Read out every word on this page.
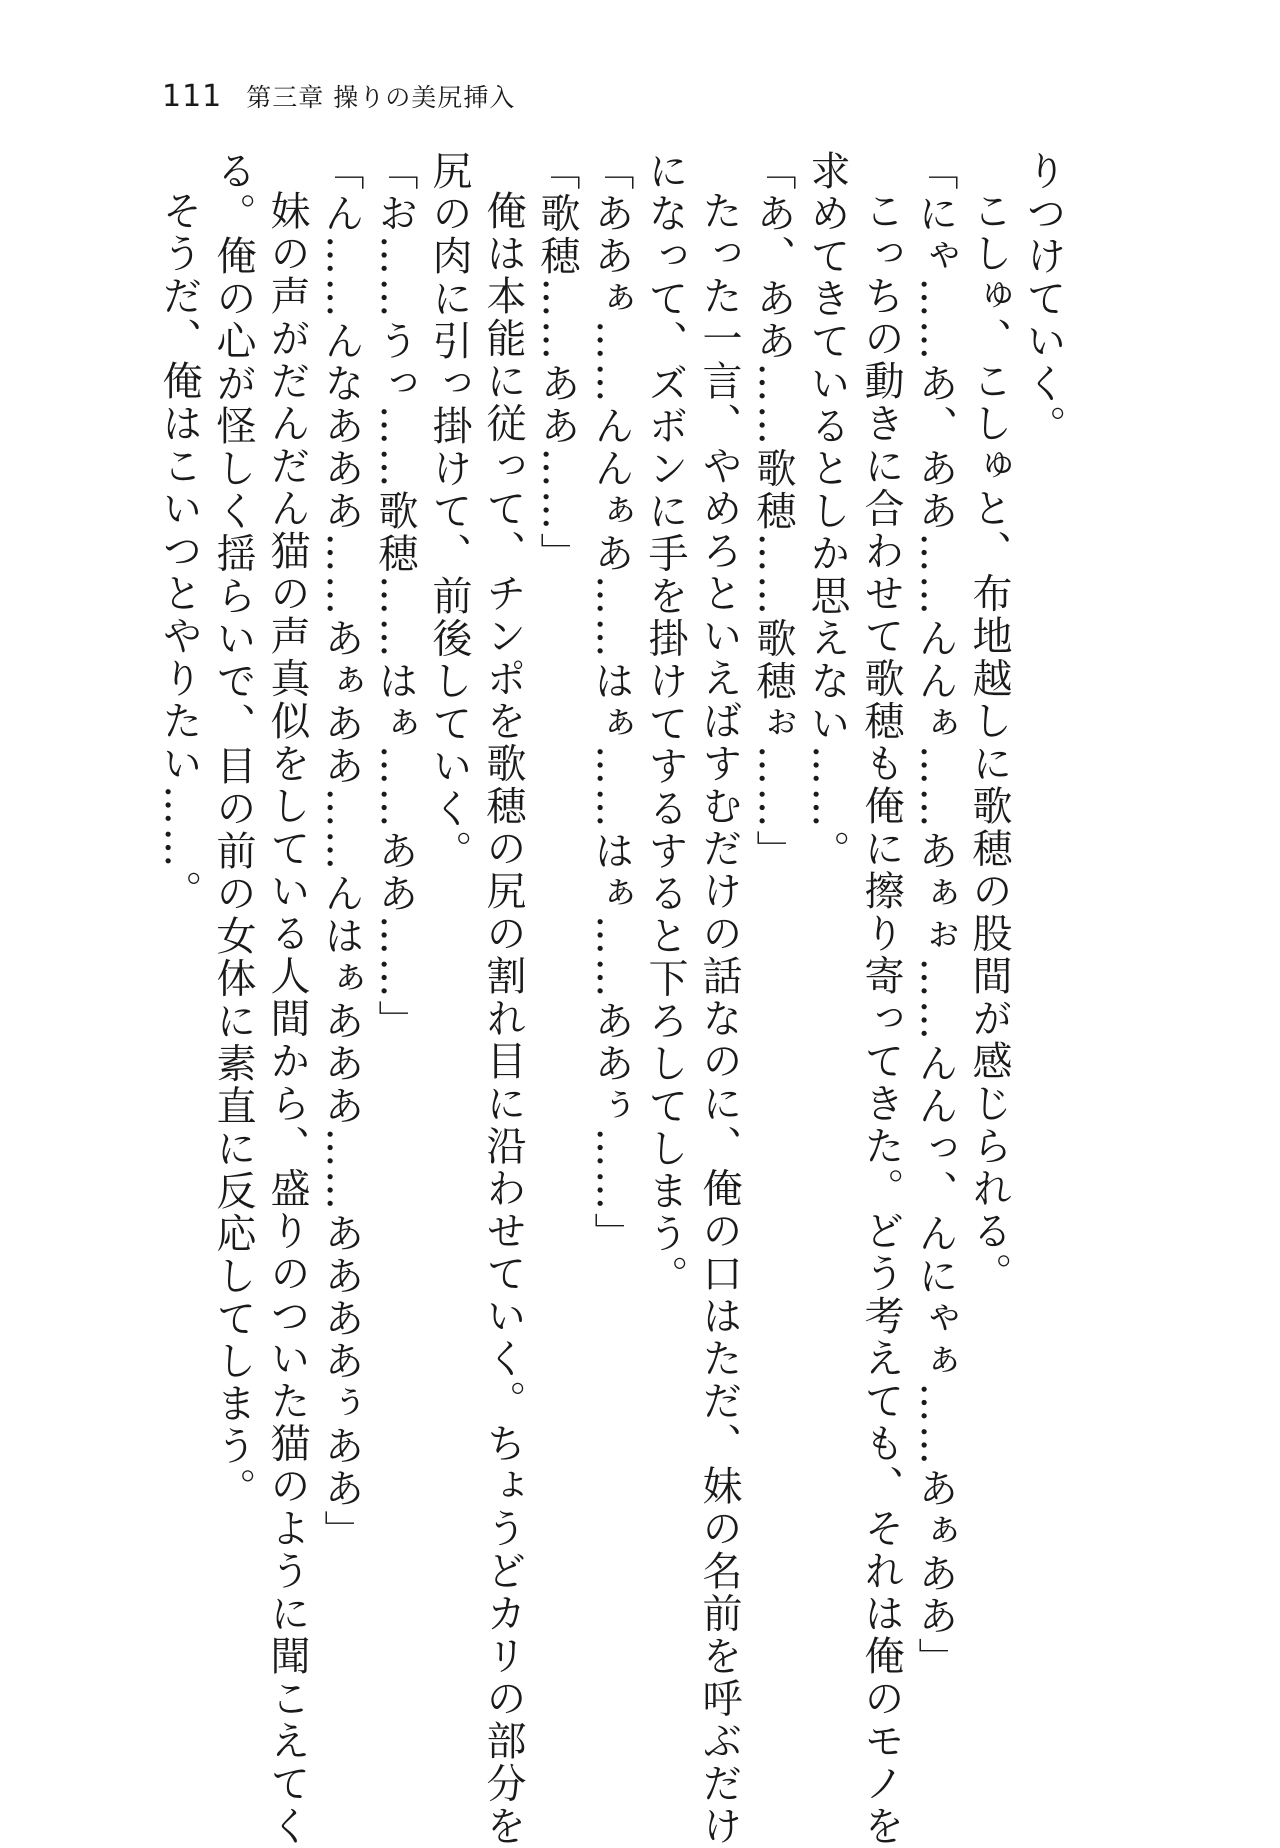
111 第三章 操りの美尻挿入
りつけていく。
こしゅ、こしゅと、布地越しに歌穂の股間が感じられる。
「にゃ……あ、ああ……んんぁ……あぁぉ……んんっ、んにゃぁ……あぁああ」
こっちの動きに合わせて歌穂も俺に擦り寄ってきた。どう考えても、それは俺のモノを
求めてきているとしか思えない……。
「あ、ああ……歌穂……歌穂ぉ……」
たった一言、やめろといえばすむだけの話なのに、俺の口はただ、妹の名前を呼ぶだけ
になって、ズボンに手を掛けてするすると下ろしてしまう。
「ああぁ……んんぁあ……はぁ……はぁ……ああぅ……」
「歌穂……ああ……」
俺は本能に従って、チンポを歌穂の尻の割れ目に沿わせていく。ちょうどカリの部分を
尻の肉に引っ掛けて、前後していく。
「お……うっ……歌穂……はぁ……ああ……」
「ん……んなあああ……あぁああ……んはぁあああ……ああああぅああ」
妹の声がだんだん猫の声真似をしている人間から、盛りのついた猫のように聞こえてく
る。俺の心が怪しく揺らいで、目の前の女体に素直に反応してしまう。
そうだ、俺はこいつとやりたい……。
